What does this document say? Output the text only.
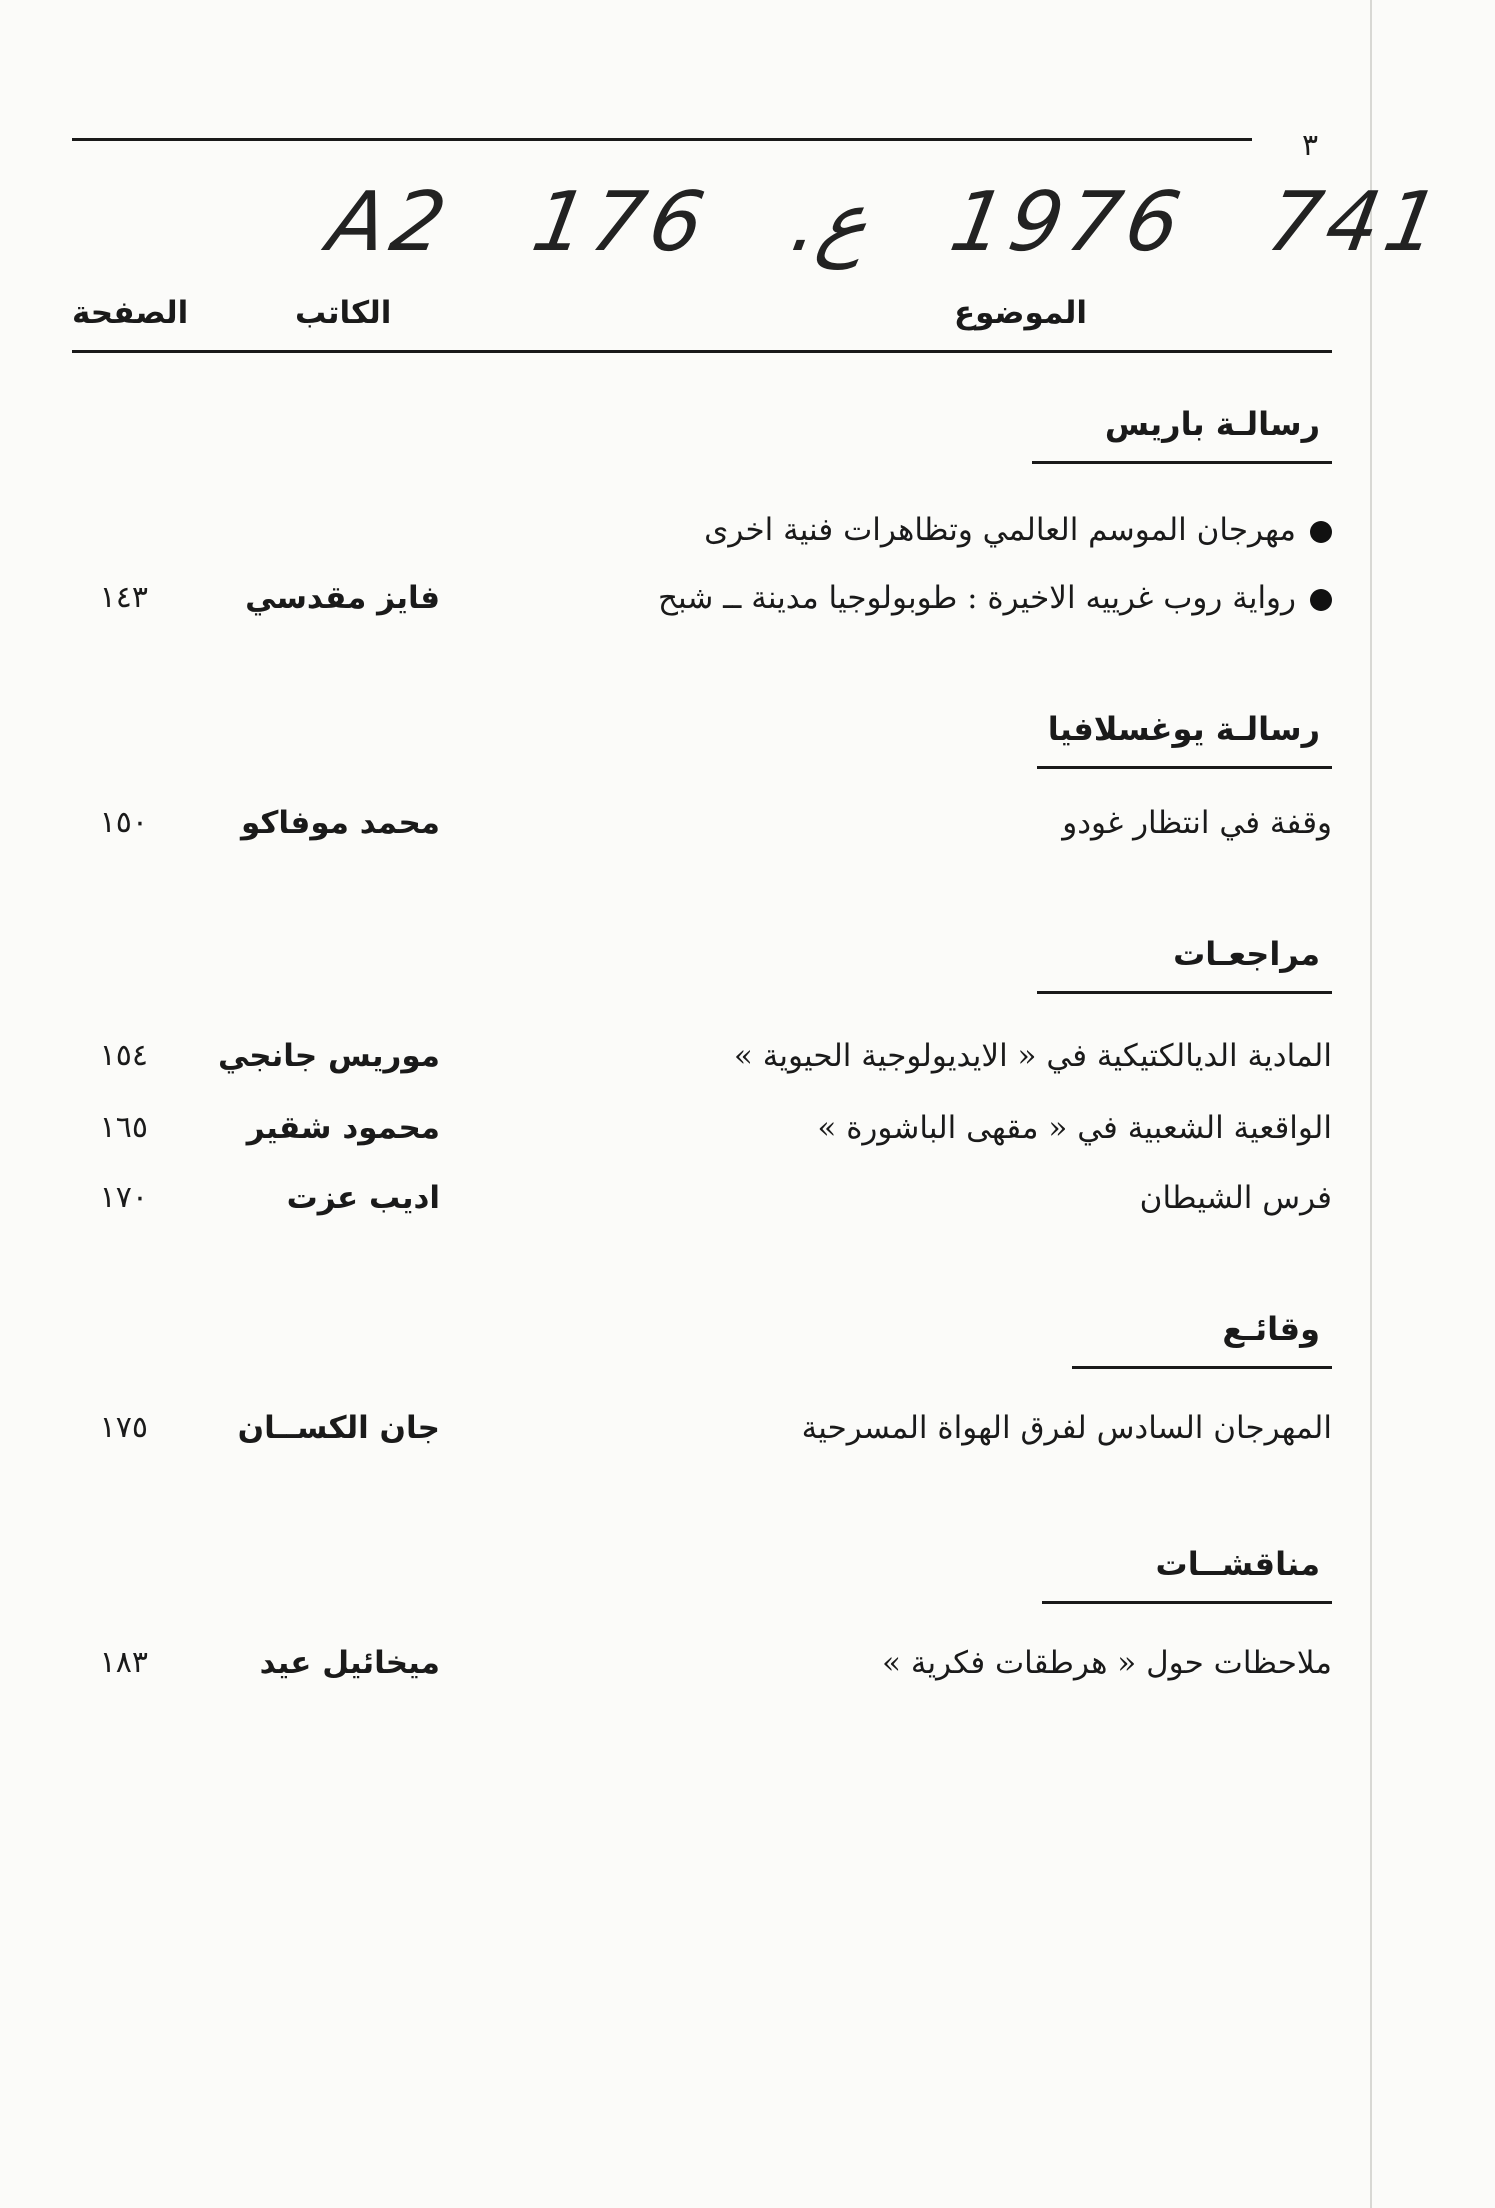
٣
A2 176 .ع 1976 741
الموضوع
الكاتب
الصفحة
رسالـة باريس
مهرجان الموسم العالمي وتظاهرات فنية اخرى
رواية روب غرييه الاخيرة : طوبولوجيا مدينة ــ شبح
فايز مقدسي
١٤٣
رسالـة يوغسلافيا
وقفة في انتظار غودو
محمد موفاكو
١٥٠
مراجعـات
المادية الديالكتيكية في « الايديولوجية الحيوية »
موريس جانجي
١٥٤
الواقعية الشعبية في « مقهى الباشورة »
محمود شقير
١٦٥
فرس الشيطان
اديب عزت
١٧٠
وقائـع
المهرجان السادس لفرق الهواة المسرحية
جان الكســان
١٧٥
مناقشــات
ملاحظات حول « هرطقات فكرية »
ميخائيل عيد
١٨٣
